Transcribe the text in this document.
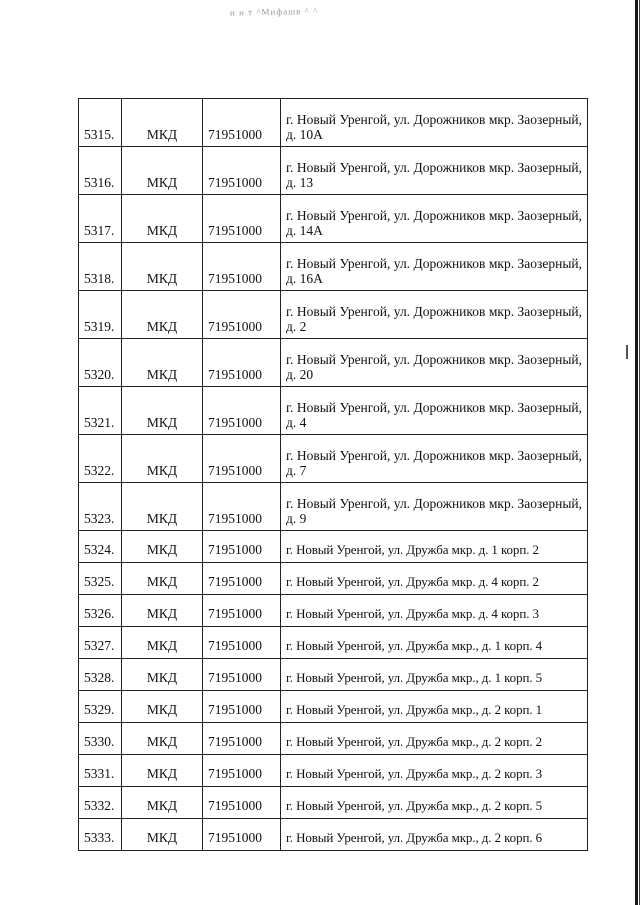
и н т ^Мифашв ^ ^
5315.	МКД	71951000	г. Новый Уренгой, ул. Дорожников мкр. Заозерный, д. 10А
5316.	МКД	71951000	г. Новый Уренгой, ул. Дорожников мкр. Заозерный, д. 13
5317.	МКД	71951000	г. Новый Уренгой, ул. Дорожников мкр. Заозерный, д. 14А
5318.	МКД	71951000	г. Новый Уренгой, ул. Дорожников мкр. Заозерный, д. 16А
5319.	МКД	71951000	г. Новый Уренгой, ул. Дорожников мкр. Заозерный, д. 2
5320.	МКД	71951000	г. Новый Уренгой, ул. Дорожников мкр. Заозерный, д. 20
5321.	МКД	71951000	г. Новый Уренгой, ул. Дорожников мкр. Заозерный, д. 4
5322.	МКД	71951000	г. Новый Уренгой, ул. Дорожников мкр. Заозерный, д. 7
5323.	МКД	71951000	г. Новый Уренгой, ул. Дорожников мкр. Заозерный, д. 9
5324.	МКД	71951000	г. Новый Уренгой, ул. Дружба мкр. д. 1 корп. 2
5325.	МКД	71951000	г. Новый Уренгой, ул. Дружба мкр. д. 4 корп. 2
5326.	МКД	71951000	г. Новый Уренгой, ул. Дружба мкр. д. 4 корп. 3
5327.	МКД	71951000	г. Новый Уренгой, ул. Дружба мкр., д. 1 корп. 4
5328.	МКД	71951000	г. Новый Уренгой, ул. Дружба мкр., д. 1 корп. 5
5329.	МКД	71951000	г. Новый Уренгой, ул. Дружба мкр., д. 2 корп. 1
5330.	МКД	71951000	г. Новый Уренгой, ул. Дружба мкр., д. 2 корп. 2
5331.	МКД	71951000	г. Новый Уренгой, ул. Дружба мкр., д. 2 корп. 3
5332.	МКД	71951000	г. Новый Уренгой, ул. Дружба мкр., д. 2 корп. 5
5333.	МКД	71951000	г. Новый Уренгой, ул. Дружба мкр., д. 2 корп. 6
